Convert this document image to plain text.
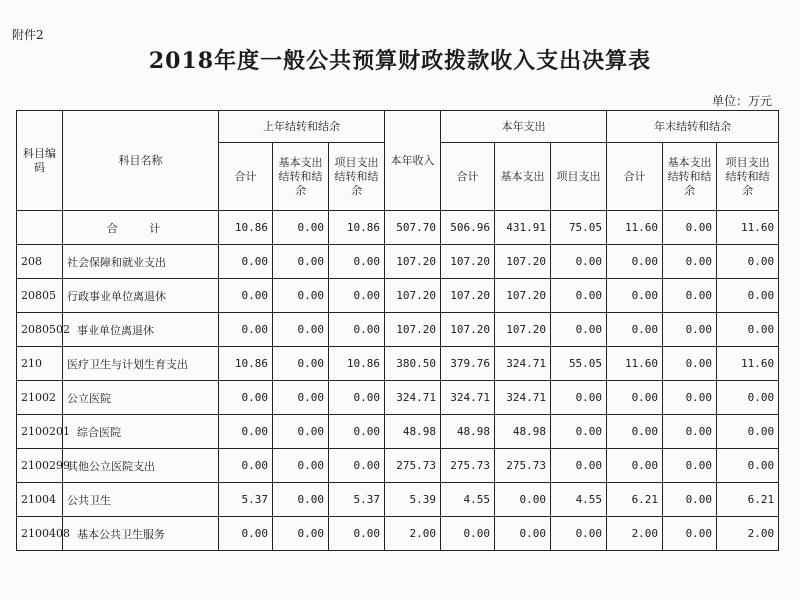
附件2
2018年度一般公共预算财政拨款收入支出决算表
单位：万元
科目编码	科目名称	上年结转和结余			本年收入	本年支出			年末结转和结余		
		合计	基本支出结转和结余	项目支出结转和结余		合计	基本支出	项目支出	合计	基本支出结转和结余	项目支出结转和结余
	合 计	10.86	0.00	10.86	507.70	506.96	431.91	75.05	11.60	0.00	11.60
208	社会保障和就业支出	0.00	0.00	0.00	107.20	107.20	107.20	0.00	0.00	0.00	0.00
20805	行政事业单位离退休	0.00	0.00	0.00	107.20	107.20	107.20	0.00	0.00	0.00	0.00
2080502	事业单位离退休	0.00	0.00	0.00	107.20	107.20	107.20	0.00	0.00	0.00	0.00
210	医疗卫生与计划生育支出	10.86	0.00	10.86	380.50	379.76	324.71	55.05	11.60	0.00	11.60
21002	公立医院	0.00	0.00	0.00	324.71	324.71	324.71	0.00	0.00	0.00	0.00
2100201	综合医院	0.00	0.00	0.00	48.98	48.98	48.98	0.00	0.00	0.00	0.00
2100299	其他公立医院支出	0.00	0.00	0.00	275.73	275.73	275.73	0.00	0.00	0.00	0.00
21004	公共卫生	5.37	0.00	5.37	5.39	4.55	0.00	4.55	6.21	0.00	6.21
2100408	基本公共卫生服务	0.00	0.00	0.00	2.00	0.00	0.00	0.00	2.00	0.00	2.00
